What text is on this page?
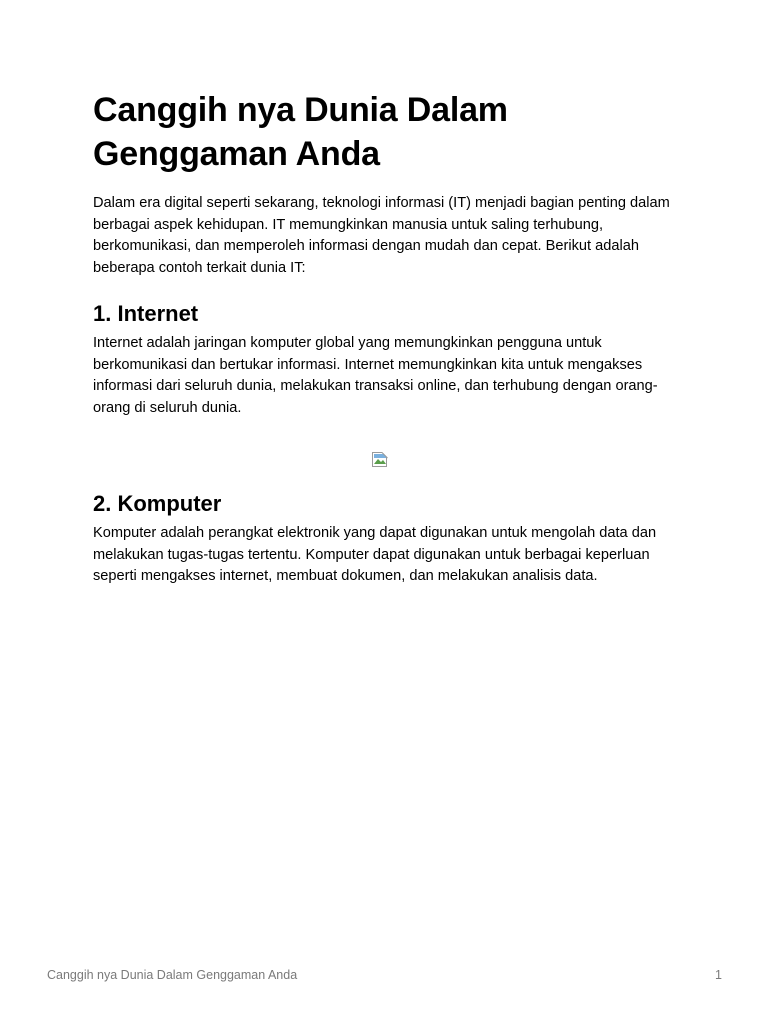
Canggih nya Dunia Dalam Genggaman Anda

Dalam era digital seperti sekarang, teknologi informasi (IT) menjadi bagian penting dalam berbagai aspek kehidupan. IT memungkinkan manusia untuk saling terhubung, berkomunikasi, dan memperoleh informasi dengan mudah dan cepat. Berikut adalah beberapa contoh terkait dunia IT:

1. Internet

Internet adalah jaringan komputer global yang memungkinkan pengguna untuk berkomunikasi dan bertukar informasi. Internet memungkinkan kita untuk mengakses informasi dari seluruh dunia, melakukan transaksi online, dan terhubung dengan orang-orang di seluruh dunia.

2. Komputer

Komputer adalah perangkat elektronik yang dapat digunakan untuk mengolah data dan melakukan tugas-tugas tertentu. Komputer dapat digunakan untuk berbagai keperluan seperti mengakses internet, membuat dokumen, dan melakukan analisis data.

Canggih nya Dunia Dalam Genggaman Anda	1
